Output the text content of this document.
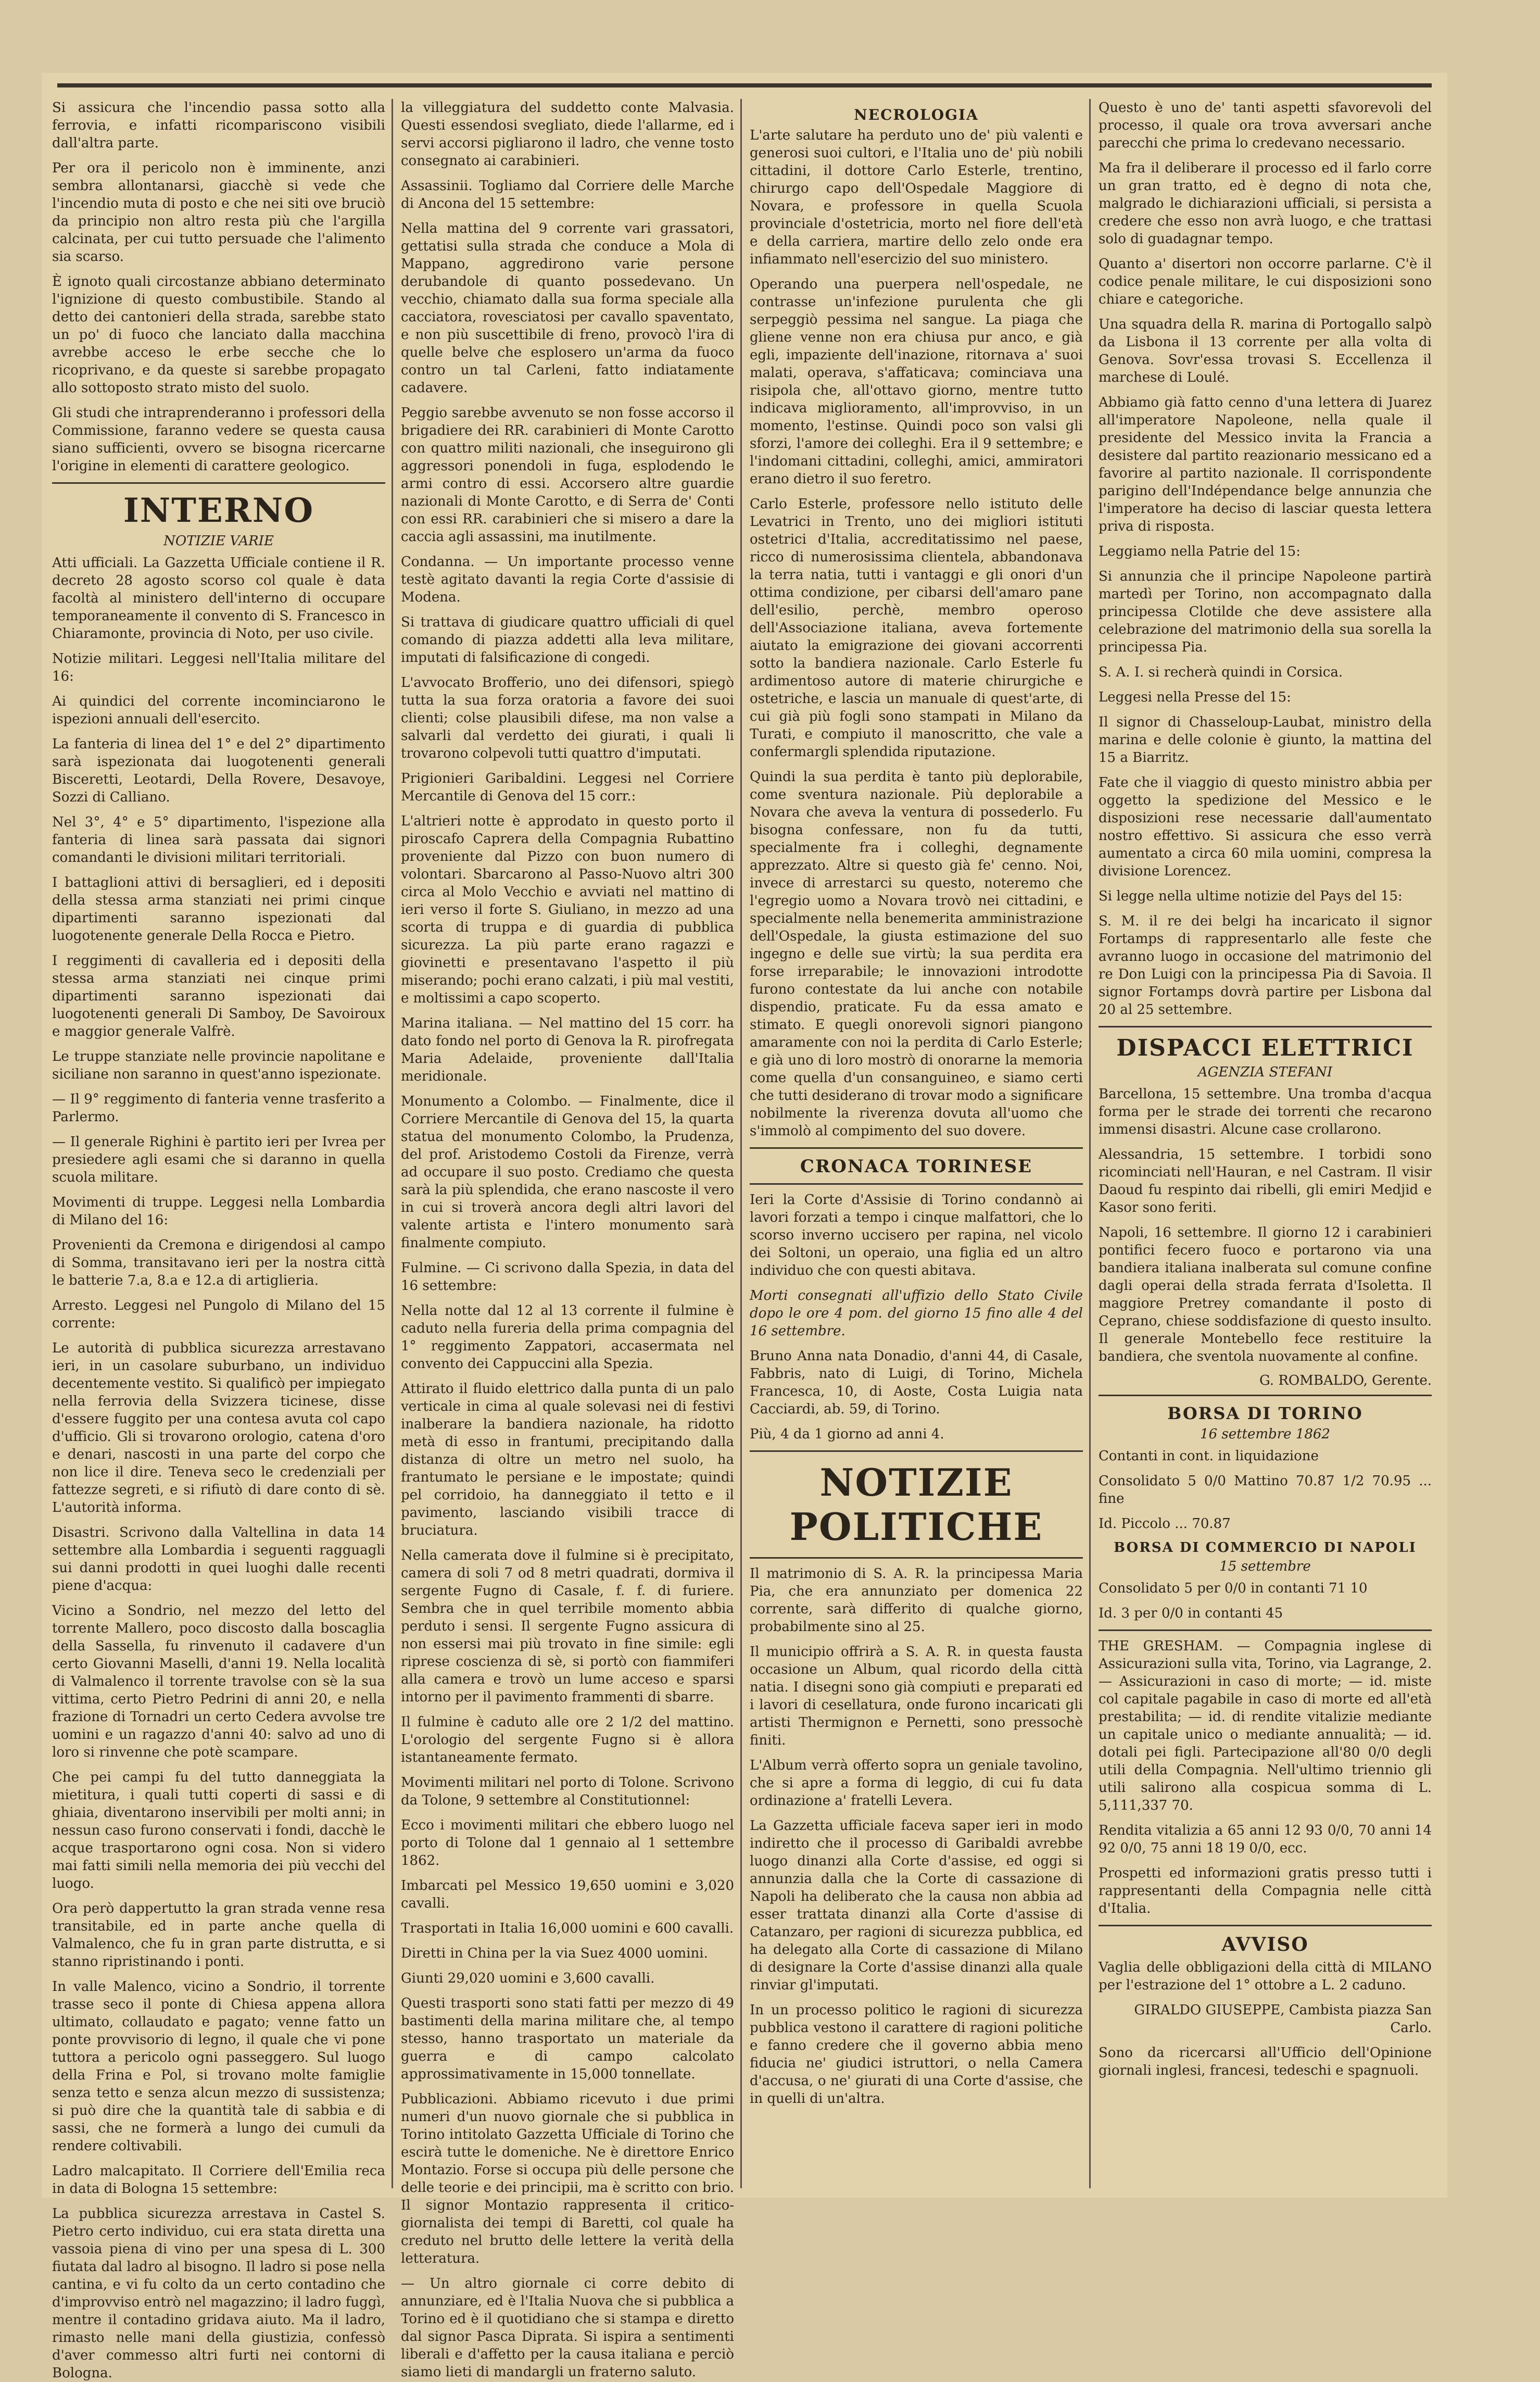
Si assicura che l'incendio passa sotto alla ferrovia, e infatti ricompariscono visibili dall'altra parte.

Per ora il pericolo non è imminente, anzi sembra allontanarsi, giacchè si vede che l'incendio muta di posto e che nei siti ove bruciò da principio non altro resta più che l'argilla calcinata, per cui tutto persuade che l'alimento sia scarso.

È ignoto quali circostanze abbiano determinato l'ignizione di questo combustibile. Stando al detto dei cantonieri della strada, sarebbe stato un po' di fuoco che lanciato dalla macchina avrebbe acceso le erbe secche che lo ricoprivano, e da queste si sarebbe propagato allo sottoposto strato misto del suolo.

Gli studi che intraprenderanno i professori della Commissione, faranno vedere se questa causa siano sufficienti, ovvero se bisogna ricercarne l'origine in elementi di carattere geologico.

INTERNO
NOTIZIE VARIE

Atti ufficiali. La Gazzetta Ufficiale contiene il R. decreto 28 agosto scorso col quale è data facoltà al ministero dell'interno di occupare temporaneamente il convento di S. Francesco in Chiaramonte, provincia di Noto, per uso civile.

Notizie militari. Leggesi nell'Italia militare del 16:

Ai quindici del corrente incominciarono le ispezioni annuali dell'esercito.

La fanteria di linea del 1° e del 2° dipartimento sarà ispezionata dai luogotenenti generali Bisceretti, Leotardi, Della Rovere, Desavoye, Sozzi di Calliano.

Nel 3°, 4° e 5° dipartimento, l'ispezione alla fanteria di linea sarà passata dai signori comandanti le divisioni militari territoriali.

I battaglioni attivi di bersaglieri, ed i depositi della stessa arma stanziati nei primi cinque dipartimenti saranno ispezionati dal luogotenente generale Della Rocca e Pietro.

I reggimenti di cavalleria ed i depositi della stessa arma stanziati nei cinque primi dipartimenti saranno ispezionati dai luogotenenti generali Di Samboy, De Savoiroux e maggior generale Valfrè.

Le truppe stanziate nelle provincie napolitane e siciliane non saranno in quest'anno ispezionate.

— Il 9° reggimento di fanteria venne trasferito a Parlermo.

— Il generale Righini è partito ieri per Ivrea per presiedere agli esami che si daranno in quella scuola militare.

Movimenti di truppe. Leggesi nella Lombardia di Milano del 16:

Provenienti da Cremona e dirigendosi al campo di Somma, transitavano ieri per la nostra città le batterie 7.a, 8.a e 12.a di artiglieria.

Arresto. Leggesi nel Pungolo di Milano del 15 corrente:

Le autorità di pubblica sicurezza arrestavano ieri, in un casolare suburbano, un individuo decentemente vestito. Si qualificò per impiegato nella ferrovia della Svizzera ticinese, disse d'essere fuggito per una contesa avuta col capo d'ufficio. Gli si trovarono orologio, catena d'oro e denari, nascosti in una parte del corpo che non lice il dire. Teneva seco le credenziali per fattezze segreti, e si rifiutò di dare conto di sè. L'autorità informa.

Disastri. Scrivono dalla Valtellina in data 14 settembre alla Lombardia i seguenti ragguagli sui danni prodotti in quei luoghi dalle recenti piene d'acqua:

Vicino a Sondrio, nel mezzo del letto del torrente Mallero, poco discosto dalla boscaglia della Sassella, fu rinvenuto il cadavere d'un certo Giovanni Maselli, d'anni 19. Nella località di Valmalenco il torrente travolse con sè la sua vittima, certo Pietro Pedrini di anni 20, e nella frazione di Tornadri un certo Cedera avvolse tre uomini e un ragazzo d'anni 40: salvo ad uno di loro si rinvenne che potè scampare.

Che pei campi fu del tutto danneggiata la mietitura, i quali tutti coperti di sassi e di ghiaia, diventarono inservibili per molti anni; in nessun caso furono conservati i fondi, dacchè le acque trasportarono ogni cosa. Non si videro mai fatti simili nella memoria dei più vecchi del luogo.

Ora però dappertutto la gran strada venne resa transitabile, ed in parte anche quella di Valmalenco, che fu in gran parte distrutta, e si stanno ripristinando i ponti.

In valle Malenco, vicino a Sondrio, il torrente trasse seco il ponte di Chiesa appena allora ultimato, collaudato e pagato; venne fatto un ponte provvisorio di legno, il quale che vi pone tuttora a pericolo ogni passeggero. Sul luogo della Frina e Pol, si trovano molte famiglie senza tetto e senza alcun mezzo di sussistenza; si può dire che la quantità tale di sabbia e di sassi, che ne formerà a lungo dei cumuli da rendere coltivabili.

Ladro malcapitato. Il Corriere dell'Emilia reca in data di Bologna 15 settembre:

La pubblica sicurezza arrestava in Castel S. Pietro certo individuo, cui era stata diretta una vassoia piena di vino per una spesa di L. 300 fiutata dal ladro al bisogno. Il ladro si pose nella cantina, e vi fu colto da un certo contadino che d'improvviso entrò nel magazzino; il ladro fuggì, mentre il contadino gridava aiuto. Ma il ladro, rimasto nelle mani della giustizia, confessò d'aver commesso altri furti nei contorni di Bologna.

la villeggiatura del suddetto conte Malvasia. Questi essendosi svegliato, diede l'allarme, ed i servi accorsi pigliarono il ladro, che venne tosto consegnato ai carabinieri.

Assassinii. Togliamo dal Corriere delle Marche di Ancona del 15 settembre:

Nella mattina del 9 corrente vari grassatori, gettatisi sulla strada che conduce a Mola di Mappano, aggredirono varie persone derubandole di quanto possedevano. Un vecchio, chiamato dalla sua forma speciale alla cacciatora, rovesciatosi per cavallo spaventato, e non più suscettibile di freno, provocò l'ira di quelle belve che esplosero un'arma da fuoco contro un tal Carleni, fatto indiatamente cadavere.

Peggio sarebbe avvenuto se non fosse accorso il brigadiere dei RR. carabinieri di Monte Carotto con quattro militi nazionali, che inseguirono gli aggressori ponendoli in fuga, esplodendo le armi contro di essi. Accorsero altre guardie nazionali di Monte Carotto, e di Serra de' Conti con essi RR. carabinieri che si misero a dare la caccia agli assassini, ma inutilmente.

Condanna. — Un importante processo venne testè agitato davanti la regia Corte d'assisie di Modena.

Si trattava di giudicare quattro ufficiali di quel comando di piazza addetti alla leva militare, imputati di falsificazione di congedi.

L'avvocato Brofferio, uno dei difensori, spiegò tutta la sua forza oratoria a favore dei suoi clienti; colse plausibili difese, ma non valse a salvarli dal verdetto dei giurati, i quali li trovarono colpevoli tutti quattro d'imputati.

Prigionieri Garibaldini. Leggesi nel Corriere Mercantile di Genova del 15 corr.:

L'altrieri notte è approdato in questo porto il piroscafo Caprera della Compagnia Rubattino proveniente dal Pizzo con buon numero di volontari. Sbarcarono al Passo-Nuovo altri 300 circa al Molo Vecchio e avviati nel mattino di ieri verso il forte S. Giuliano, in mezzo ad una scorta di truppa e di guardia di pubblica sicurezza. La più parte erano ragazzi e giovinetti e presentavano l'aspetto il più miserando; pochi erano calzati, i più mal vestiti, e moltissimi a capo scoperto.

Marina italiana. — Nel mattino del 15 corr. ha dato fondo nel porto di Genova la R. pirofregata Maria Adelaide, proveniente dall'Italia meridionale.

Monumento a Colombo. — Finalmente, dice il Corriere Mercantile di Genova del 15, la quarta statua del monumento Colombo, la Prudenza, del prof. Aristodemo Costoli da Firenze, verrà ad occupare il suo posto. Crediamo che questa sarà la più splendida, che erano nascoste il vero in cui si troverà ancora degli altri lavori del valente artista e l'intero monumento sarà finalmente compiuto.

Fulmine. — Ci scrivono dalla Spezia, in data del 16 settembre:

Nella notte dal 12 al 13 corrente il fulmine è caduto nella fureria della prima compagnia del 1° reggimento Zappatori, accasermata nel convento dei Cappuccini alla Spezia.

Attirato il fluido elettrico dalla punta di un palo verticale in cima al quale solevasi nei di festivi inalberare la bandiera nazionale, ha ridotto metà di esso in frantumi, precipitando dalla distanza di oltre un metro nel suolo, ha frantumato le persiane e le impostate; quindi pel corridoio, ha danneggiato il tetto e il pavimento, lasciando visibili tracce di bruciatura.

Nella camerata dove il fulmine si è precipitato, camera di soli 7 od 8 metri quadrati, dormiva il sergente Fugno di Casale, f. f. di furiere. Sembra che in quel terribile momento abbia perduto i sensi. Il sergente Fugno assicura di non essersi mai più trovato in fine simile: egli riprese coscienza di sè, si portò con fiammiferi alla camera e trovò un lume acceso e sparsi intorno per il pavimento frammenti di sbarre.

Il fulmine è caduto alle ore 2 1/2 del mattino. L'orologio del sergente Fugno si è allora istantaneamente fermato.

Movimenti militari nel porto di Tolone. Scrivono da Tolone, 9 settembre al Constitutionnel:

Ecco i movimenti militari che ebbero luogo nel porto di Tolone dal 1 gennaio al 1 settembre 1862.

Imbarcati pel Messico 19,650 uomini e 3,020 cavalli.

Trasportati in Italia 16,000 uomini e 600 cavalli.

Diretti in China per la via Suez 4000 uomini.

Giunti 29,020 uomini e 3,600 cavalli.

Questi trasporti sono stati fatti per mezzo di 49 bastimenti della marina militare che, al tempo stesso, hanno trasportato un materiale da guerra e di campo calcolato approssimativamente in 15,000 tonnellate.

Pubblicazioni. Abbiamo ricevuto i due primi numeri d'un nuovo giornale che si pubblica in Torino intitolato Gazzetta Ufficiale di Torino che escirà tutte le domeniche. Ne è direttore Enrico Montazio. Forse si occupa più delle persone che delle teorie e dei principii, ma è scritto con brio. Il signor Montazio rappresenta il critico-giornalista dei tempi di Baretti, col quale ha creduto nel brutto delle lettere la verità della letteratura.

— Un altro giornale ci corre debito di annunziare, ed è l'Italia Nuova che si pubblica a Torino ed è il quotidiano che si stampa e diretto dal signor Pasca Diprata. Si ispira a sentimenti liberali e d'affetto per la causa italiana e perciò siamo lieti di mandargli un fraterno saluto.

NECROLOGIA

L'arte salutare ha perduto uno de' più valenti e generosi suoi cultori, e l'Italia uno de' più nobili cittadini, il dottore Carlo Esterle, trentino, chirurgo capo dell'Ospedale Maggiore di Novara, e professore in quella Scuola provinciale d'ostetricia, morto nel fiore dell'età e della carriera, martire dello zelo onde era infiammato nell'esercizio del suo ministero.

Operando una puerpera nell'ospedale, ne contrasse un'infezione purulenta che gli serpeggiò pessima nel sangue. La piaga che gliene venne non era chiusa pur anco, e già egli, impaziente dell'inazione, ritornava a' suoi malati, operava, s'affaticava; cominciava una risipola che, all'ottavo giorno, mentre tutto indicava miglioramento, all'improvviso, in un momento, l'estinse. Quindi poco son valsi gli sforzi, l'amore dei colleghi. Era il 9 settembre; e l'indomani cittadini, colleghi, amici, ammiratori erano dietro il suo feretro.

Carlo Esterle, professore nello istituto delle Levatrici in Trento, uno dei migliori istituti ostetrici d'Italia, accreditatissimo nel paese, ricco di numerosissima clientela, abbandonava la terra natia, tutti i vantaggi e gli onori d'un ottima condizione, per cibarsi dell'amaro pane dell'esilio, perchè, membro operoso dell'Associazione italiana, aveva fortemente aiutato la emigrazione dei giovani accorrenti sotto la bandiera nazionale. Carlo Esterle fu ardimentoso autore di materie chirurgiche e ostetriche, e lascia un manuale di quest'arte, di cui già più fogli sono stampati in Milano da Turati, e compiuto il manoscritto, che vale a confermargli splendida riputazione.

Quindi la sua perdita è tanto più deplorabile, come sventura nazionale. Più deplorabile a Novara che aveva la ventura di possederlo. Fu bisogna confessare, non fu da tutti, specialmente fra i colleghi, degnamente apprezzato. Altre si questo già fe' cenno. Noi, invece di arrestarci su questo, noteremo che l'egregio uomo a Novara trovò nei cittadini, e specialmente nella benemerita amministrazione dell'Ospedale, la giusta estimazione del suo ingegno e delle sue virtù; la sua perdita era forse irreparabile; le innovazioni introdotte furono contestate da lui anche con notabile dispendio, praticate. Fu da essa amato e stimato. E quegli onorevoli signori piangono amaramente con noi la perdita di Carlo Esterle; e già uno di loro mostrò di onorarne la memoria come quella d'un consanguineo, e siamo certi che tutti desiderano di trovar modo a significare nobilmente la riverenza dovuta all'uomo che s'immolò al compimento del suo dovere.

CRONACA TORINESE

Ieri la Corte d'Assisie di Torino condannò ai lavori forzati a tempo i cinque malfattori, che lo scorso inverno uccisero per rapina, nel vicolo dei Soltoni, un operaio, una figlia ed un altro individuo che con questi abitava.

Morti consegnati all'uffizio dello Stato Civile dopo le ore 4 pom. del giorno 15 fino alle 4 del 16 settembre.

Bruno Anna nata Donadio, d'anni 44, di Casale, Fabbris, nato di Luigi, di Torino, Michela Francesca, 10, di Aoste, Costa Luigia nata Cacciardi, ab. 59, di Torino.

Più, 4 da 1 giorno ad anni 4.

NOTIZIE POLITICHE

Il matrimonio di S. A. R. la principessa Maria Pia, che era annunziato per domenica 22 corrente, sarà differito di qualche giorno, probabilmente sino al 25.

Il municipio offrirà a S. A. R. in questa fausta occasione un Album, qual ricordo della città natia. I disegni sono già compiuti e preparati ed i lavori di cesellatura, onde furono incaricati gli artisti Thermignon e Pernetti, sono pressochè finiti.

L'Album verrà offerto sopra un geniale tavolino, che si apre a forma di leggio, di cui fu data ordinazione a' fratelli Levera.

La Gazzetta ufficiale faceva saper ieri in modo indiretto che il processo di Garibaldi avrebbe luogo dinanzi alla Corte d'assise, ed oggi si annunzia dalla che la Corte di cassazione di Napoli ha deliberato che la causa non abbia ad esser trattata dinanzi alla Corte d'assise di Catanzaro, per ragioni di sicurezza pubblica, ed ha delegato alla Corte di cassazione di Milano di designare la Corte d'assise dinanzi alla quale rinviar gl'imputati.

In un processo politico le ragioni di sicurezza pubblica vestono il carattere di ragioni politiche e fanno credere che il governo abbia meno fiducia ne' giudici istruttori, o nella Camera d'accusa, o ne' giurati di una Corte d'assise, che in quelli di un'altra.

Questo è uno de' tanti aspetti sfavorevoli del processo, il quale ora trova avversari anche parecchi che prima lo credevano necessario.

Ma fra il deliberare il processo ed il farlo corre un gran tratto, ed è degno di nota che, malgrado le dichiarazioni ufficiali, si persista a credere che esso non avrà luogo, e che trattasi solo di guadagnar tempo.

Quanto a' disertori non occorre parlarne. C'è il codice penale militare, le cui disposizioni sono chiare e categoriche.

Una squadra della R. marina di Portogallo salpò da Lisbona il 13 corrente per alla volta di Genova. Sovr'essa trovasi S. Eccellenza il marchese di Loulé.

Abbiamo già fatto cenno d'una lettera di Juarez all'imperatore Napoleone, nella quale il presidente del Messico invita la Francia a desistere dal partito reazionario messicano ed a favorire al partito nazionale. Il corrispondente parigino dell'Indépendance belge annunzia che l'imperatore ha deciso di lasciar questa lettera priva di risposta.

Leggiamo nella Patrie del 15:

Si annunzia che il principe Napoleone partirà martedì per Torino, non accompagnato dalla principessa Clotilde che deve assistere alla celebrazione del matrimonio della sua sorella la principessa Pia.

S. A. I. si recherà quindi in Corsica.

Leggesi nella Presse del 15:

Il signor di Chasseloup-Laubat, ministro della marina e delle colonie è giunto, la mattina del 15 a Biarritz.

Fate che il viaggio di questo ministro abbia per oggetto la spedizione del Messico e le disposizioni rese necessarie dall'aumentato nostro effettivo. Si assicura che esso verrà aumentato a circa 60 mila uomini, compresa la divisione Lorencez.

Si legge nella ultime notizie del Pays del 15:

S. M. il re dei belgi ha incaricato il signor Fortamps di rappresentarlo alle feste che avranno luogo in occasione del matrimonio del re Don Luigi con la principessa Pia di Savoia. Il signor Fortamps dovrà partire per Lisbona dal 20 al 25 settembre.

DISPACCI ELETTRICI
AGENZIA STEFANI

Barcellona, 15 settembre. Una tromba d'acqua forma per le strade dei torrenti che recarono immensi disastri. Alcune case crollarono.

Alessandria, 15 settembre. I torbidi sono ricominciati nell'Hauran, e nel Castram. Il visir Daoud fu respinto dai ribelli, gli emiri Medjid e Kasor sono feriti.

Napoli, 16 settembre. Il giorno 12 i carabinieri pontifici fecero fuoco e portarono via una bandiera italiana inalberata sul comune confine dagli operai della strada ferrata d'Isoletta. Il maggiore Pretrey comandante il posto di Ceprano, chiese soddisfazione di questo insulto. Il generale Montebello fece restituire la bandiera, che sventola nuovamente al confine.

G. ROMBALDO, Gerente.
BORSA DI TORINO
16 settembre 1862

Contanti in cont. in liquidazione

Consolidato 5 0/0 Mattino 70.87 1/2 70.95 ... fine

Id. Piccolo ... 70.87

BORSA DI COMMERCIO DI NAPOLI
15 settembre

Consolidato 5 per 0/0 in contanti 71 10

Id. 3 per 0/0 in contanti 45

THE GRESHAM. — Compagnia inglese di Assicurazioni sulla vita, Torino, via Lagrange, 2. — Assicurazioni in caso di morte; — id. miste col capitale pagabile in caso di morte ed all'età prestabilita; — id. di rendite vitalizie mediante un capitale unico o mediante annualità; — id. dotali pei figli. Partecipazione all'80 0/0 degli utili della Compagnia. Nell'ultimo triennio gli utili salirono alla cospicua somma di L. 5,111,337 70.

Rendita vitalizia a 65 anni 12 93 0/0, 70 anni 14 92 0/0, 75 anni 18 19 0/0, ecc.

Prospetti ed informazioni gratis presso tutti i rappresentanti della Compagnia nelle città d'Italia.

AVVISO

Vaglia delle obbligazioni della città di MILANO per l'estrazione del 1° ottobre a L. 2 caduno.

GIRALDO GIUSEPPE, Cambista piazza San Carlo.

Sono da ricercarsi all'Ufficio dell'Opinione giornali inglesi, francesi, tedeschi e spagnuoli.
